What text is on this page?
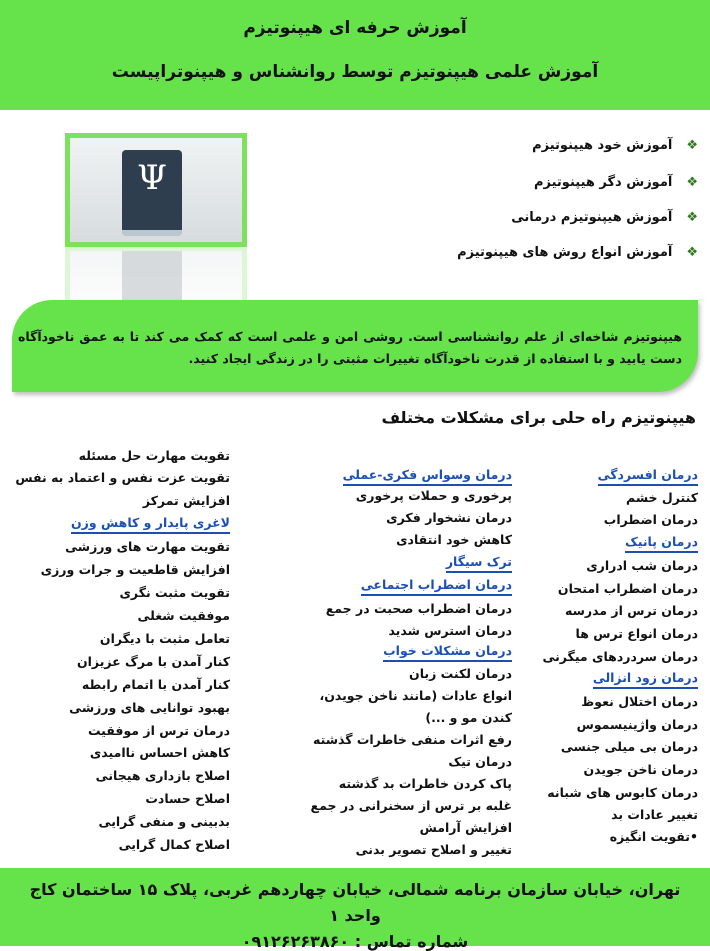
آموزش حرفه ای هیپنوتیزم
آموزش علمی هیپنوتیزم توسط روانشناس و هیپنوتراپیست
Ψ
❖آموزش خود هیپنوتیزم
❖آموزش دگر هیپنوتیزم
❖آموزش هیپنوتیزم درمانی
❖آموزش انواع روش های هیپنوتیزم

هیپنوتیزم شاخه‌ای از علم روانشناسی است. روشی امن و علمی است که کمک می کند تا به عمق ناخودآگاه دست یابید و با استفاده از قدرت ناخودآگاه تغییرات مثبتی را در زندگی ایجاد کنید.

هیپنوتیزم راه حلی برای مشکلات مختلف
درمان افسردگی
کنترل خشم
درمان اضطراب
درمان پانیک
درمان شب ادراری
درمان اضطراب امتحان
درمان ترس از مدرسه
درمان انواع ترس ها
درمان سردردهای میگرنی
درمان زود انزالی
درمان اختلال نعوظ
درمان واژینیسموس
درمان بی میلی جنسی
درمان ناخن جویدن
درمان کابوس های شبانه
تغییر عادات بد
•تقویت انگیزه
درمان وسواس فکری-عملی
پرخوری و حملات پرخوری
درمان نشخوار فکری
کاهش خود انتقادی
ترک سیگار
درمان اضطراب اجتماعی
درمان اضطراب صحبت در جمع
درمان استرس شدید
درمان مشکلات خواب
درمان لکنت زبان
انواع عادات (مانند ناخن جویدن،
کندن مو و ...)
رفع اثرات منفی خاطرات گذشته
درمان تیک
پاک کردن خاطرات بد گذشته
غلبه بر ترس از سخنرانی در جمع
افزایش آرامش
تغییر و اصلاح تصویر بدنی
تقویت مهارت حل مسئله
تقویت عزت نفس و اعتماد به نفس
افزایش تمرکز
لاغری پایدار و کاهش وزن
تقویت مهارت های ورزشی
افزایش قاطعیت و جرات ورزی
تقویت مثبت نگری
موفقیت شغلی
تعامل مثبت با دیگران
کنار آمدن با مرگ عزیزان
کنار آمدن با اتمام رابطه
بهبود توانایی های ورزشی
درمان ترس از موفقیت
کاهش احساس ناامیدی
اصلاح بازداری هیجانی
اصلاح حسادت
بدبینی و منفی گرایی
اصلاح کمال گرایی
تهران، خیابان سازمان برنامه شمالی، خیابان چهاردهم غربی، پلاک ۱۵ ساختمان کاج
واحد ۱
شماره تماس : ۰۹۱۲۶۲۶۳۸۶۰
